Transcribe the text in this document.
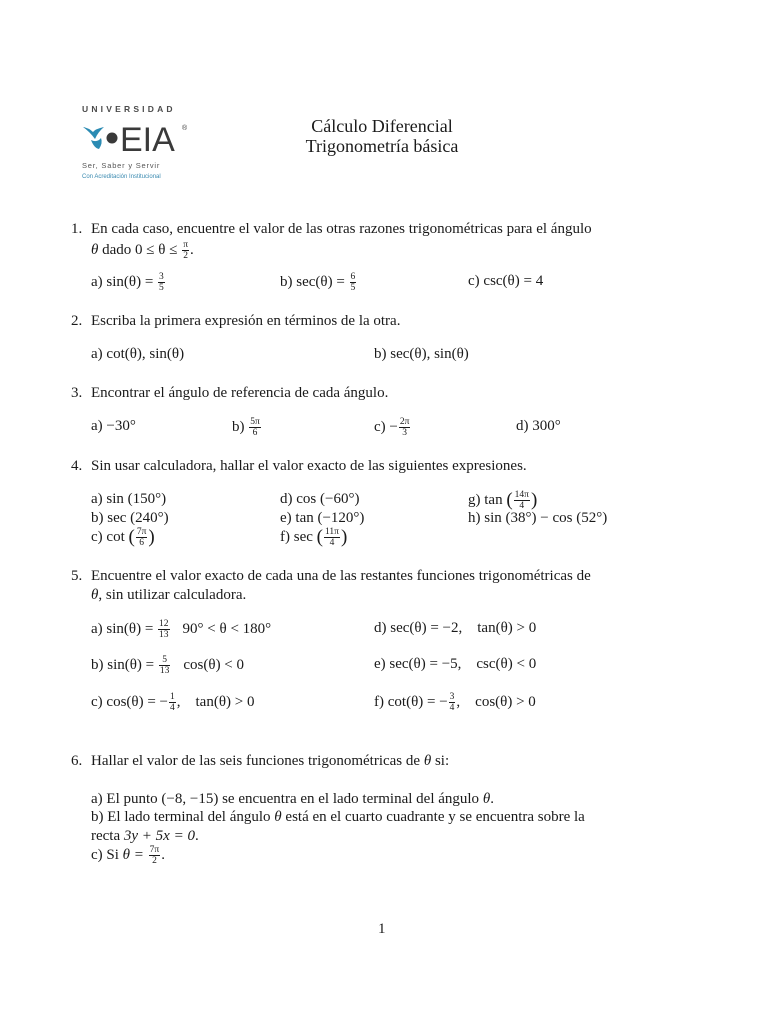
UNIVERSIDAD
EIA ®
Ser, Saber y Servir
Con Acreditación Institucional
Cálculo Diferencial
Trigonometría básica
1. En cada caso, encuentre el valor de las otras razones trigonométricas para el ángulo
θ dado $0 \le \theta \le \frac{\pi}{2}$ .
a) $\sin(\theta) = \frac{3}{5}$	b) $\sec(\theta) = \frac{6}{5}$	c) csc(θ) = 4
2. Escriba la primera expresión en términos de la otra.
a) cot(θ), sin(θ)	b) sec(θ), sin(θ)
3. Encontrar el ángulo de referencia de cada ángulo.
a) −30°	$b) \frac{5\pi}{6}$	$c) - \frac{2\pi}{3}$	d) 300°
4. Sin usar calculadora, hallar el valor exacto de las siguientes expresiones.
a) sin (150°)
b) sec (240°)
c) cot ( $\frac{7\pi}{6}$ )
d) cos (−60°)
e) tan (−120°)
f) sec ( $\frac{11\pi}{4}$ )
g) tan ( $\frac{14\pi}{4}$ )
h) sin (38°) − cos (52°)
5. Encuentre el valor exacto de cada una de las restantes funciones trigonométricas de
θ, sin utilizar calculadora.
a) $\sin(\theta) = \frac{12}{13} 90^\circ < \theta < 180^\circ$
b) $\sin(\theta) = \frac{5}{13} \cos(\theta) < 0$
c) cos(θ) = − $\frac{1}{4}$ ,    tan(θ) > 0
d) sec(θ) = −2,    tan(θ) > 0
e) sec(θ) = −5,    csc(θ) < 0
f) cot(θ) = − $\frac{3}{4}$ ,    cos(θ) > 0
6. Hallar el valor de las seis funciones trigonométricas de θ si:
a) El punto (−8, −15) se encuentra en el lado terminal del ángulo θ.
b) El lado terminal del ángulo θ está en el cuarto cuadrante y se encuentra sobre la
recta 3y + 5x = 0.
c) Si $\theta = \frac{7\pi}{2}$ .
1
